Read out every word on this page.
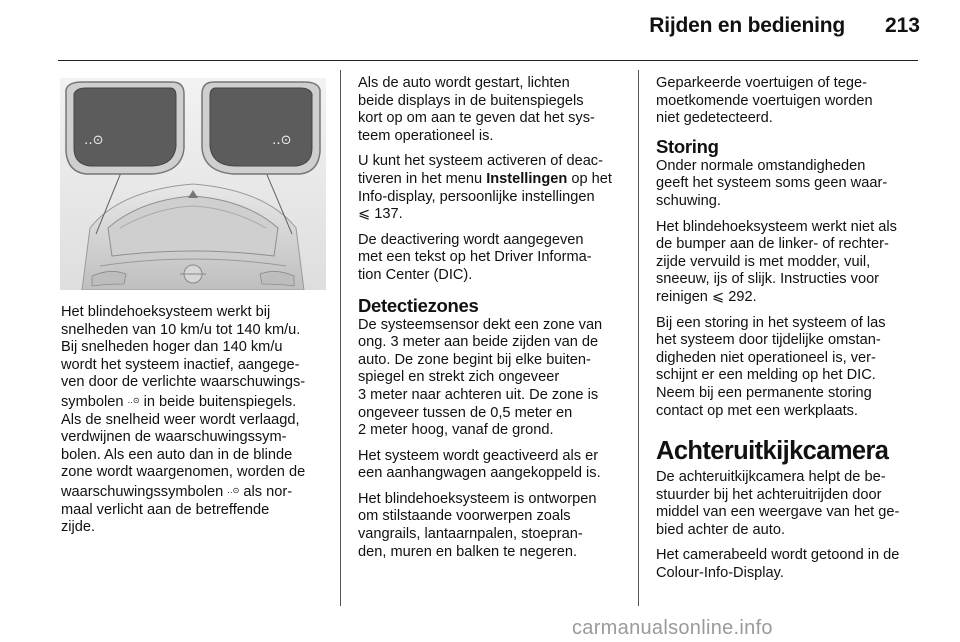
Rijden en bediening 213
‥⊙	‥⊙

Het blindehoeksysteem werkt bij
snelheden van 10 km/u tot 140 km/u.
Bij snelheden hoger dan 140 km/u
wordt het systeem inactief, aangege-
ven door de verlichte waarschuwings-
symbolen ‥⊙ in beide buitenspiegels.
Als de snelheid weer wordt verlaagd,
verdwijnen de waarschuwingssym-
bolen. Als een auto dan in de blinde
zone wordt waargenomen, worden de
waarschuwingssymbolen ‥⊙ als nor-
maal verlicht aan de betreffende
zijde.

Als de auto wordt gestart, lichten
beide displays in de buitenspiegels
kort op om aan te geven dat het sys-
teem operationeel is.

U kunt het systeem activeren of deac-
tiveren in het menu Instellingen op het
Info-display, persoonlijke instellingen
⩽ 137.

De deactivering wordt aangegeven
met een tekst op het Driver Informa-
tion Center (DIC).

Detectiezones

De systeemsensor dekt een zone van
ong. 3 meter aan beide zijden van de
auto. De zone begint bij elke buiten-
spiegel en strekt zich ongeveer
3 meter naar achteren uit. De zone is
ongeveer tussen de 0,5 meter en
2 meter hoog, vanaf de grond.

Het systeem wordt geactiveerd als er
een aanhangwagen aangekoppeld is.

Het blindehoeksysteem is ontworpen
om stilstaande voorwerpen zoals
vangrails, lantaarnpalen, stoepran-
den, muren en balken te negeren.

Geparkeerde voertuigen of tege-
moetkomende voertuigen worden
niet gedetecteerd.

Storing

Onder normale omstandigheden
geeft het systeem soms geen waar-
schuwing.

Het blindehoeksysteem werkt niet als
de bumper aan de linker- of rechter-
zijde vervuild is met modder, vuil,
sneeuw, ijs of slijk. Instructies voor
reinigen ⩽ 292.

Bij een storing in het systeem of las
het systeem door tijdelijke omstan-
digheden niet operationeel is, ver-
schijnt er een melding op het DIC.
Neem bij een permanente storing
contact op met een werkplaats.

Achteruitkijkcamera

De achteruitkijkcamera helpt de be-
stuurder bij het achteruitrijden door
middel van een weergave van het ge-
bied achter de auto.

Het camerabeeld wordt getoond in de
Colour-Info-Display.

carmanualsonline.info
